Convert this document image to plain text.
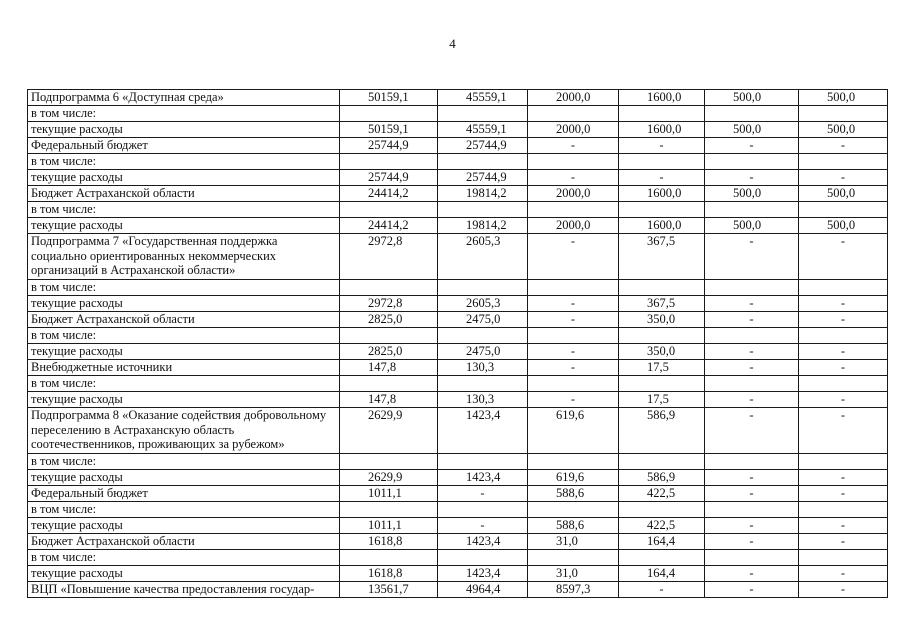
4
Подпрограмма 6 «Доступная среда»	50159,1	45559,1	2000,0	1600,0	500,0	500,0
в том числе:						
текущие расходы	50159,1	45559,1	2000,0	1600,0	500,0	500,0
Федеральный бюджет	25744,9	25744,9	-	-	-	-
в том числе:						
текущие расходы	25744,9	25744,9	-	-	-	-
Бюджет Астраханской области	24414,2	19814,2	2000,0	1600,0	500,0	500,0
в том числе:						
текущие расходы	24414,2	19814,2	2000,0	1600,0	500,0	500,0
Подпрограмма 7 «Государственная поддержка социально ориентированных некоммерческих организаций в Астраханской области»	2972,8	2605,3	-	367,5	-	-
в том числе:						
текущие расходы	2972,8	2605,3	-	367,5	-	-
Бюджет Астраханской области	2825,0	2475,0	-	350,0	-	-
в том числе:						
текущие расходы	2825,0	2475,0	-	350,0	-	-
Внебюджетные источники	147,8	130,3	-	17,5	-	-
в том числе:						
текущие расходы	147,8	130,3	-	17,5	-	-
Подпрограмма 8 «Оказание содействия добровольному переселению в Астраханскую область соотечественников, проживающих за рубежом»	2629,9	1423,4	619,6	586,9	-	-
в том числе:						
текущие расходы	2629,9	1423,4	619,6	586,9	-	-
Федеральный бюджет	1011,1	-	588,6	422,5	-	-
в том числе:						
текущие расходы	1011,1	-	588,6	422,5	-	-
Бюджет Астраханской области	1618,8	1423,4	31,0	164,4	-	-
в том числе:						
текущие расходы	1618,8	1423,4	31,0	164,4	-	-
ВЦП «Повышение качества предоставления государ-	13561,7	4964,4	8597,3	-	-	-
